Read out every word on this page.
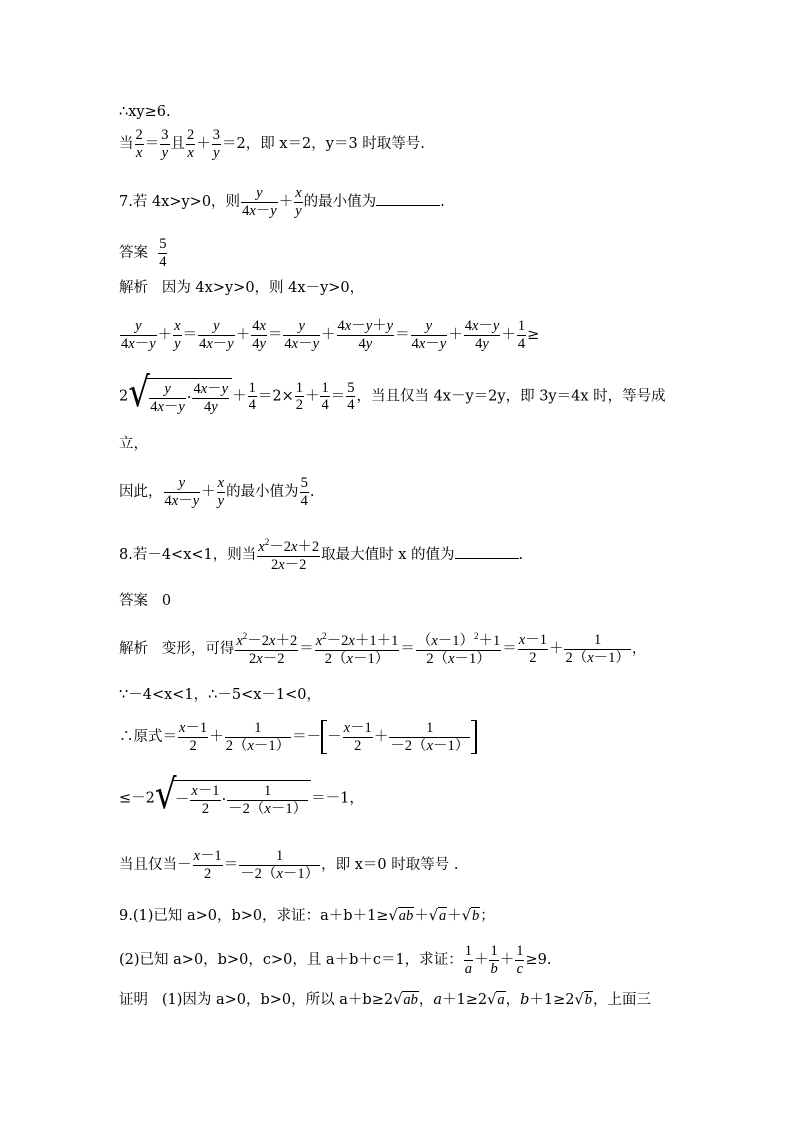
∴xy≥6.
当 $\frac{2}{x} = \frac{3}{y}$ 且 $\frac{2}{x} + \frac{3}{y} =2$，即 x＝2，y＝3 时取等号.
7.若 4x>y>0，则 $\frac{y}{4x-y} + \frac{x}{y}$ 的最小值为	.
答案 $\frac{5}{4}$
解析 因为 4x>y>0，则 4x－y>0，
$\frac{y}{4x-y} + \frac{x}{y} = \frac{y}{4x-y} + \frac{4x}{4y} = \frac{y}{4x-y} + \frac{4x-y+y}{4y} = \frac{y}{4x-y} + \frac{4x-y}{4y} + \frac{1}{4}$ ≥
2 √ $\frac{y}{4x-y} \cdot \frac{4x-y}{4y} + \frac{1}{4} =2\times \frac{1}{2} + \frac{1}{4} = \frac{5}{4}$ ，当且仅当 4x－y＝2y，即 3y＝4x 时，等号成
立，
因此， $\frac{y}{4x-y} + \frac{x}{y}$ 的最小值为 $\frac{5}{4}$ .
8.若－4<x<1，则当 $\frac{x^2-2x+2}{2x-2}$ 取最大值时 x 的值为	.
答案 0
解析 变形，可得 $\frac{x^2-2x+2}{2x-2} = \frac{x^2-2x+1+1}{2(x-1)} = \frac{(x-1)^2+1}{2(x-1)} = \frac{x-1}{2} + \frac{1}{2(x-1)}$ ，
∵－4<x<1，∴－5<x－1<0，
∴原式＝ $\frac{x-1}{2} + \frac{1}{2(x-1)}$ ＝－ － $\frac{x-1}{2} + \frac{1}{-2(x-1)}$
≤－2 √
－ $\frac{x-1}{2} \cdot \frac{1}{-2(x-1)} =-1$，
当且仅当－ $\frac{x-1}{2} = \frac{1}{-2(x-1)}$ ，即 x＝0 时取等号 .
9.(1)已知 a>0，b>0，求证：a＋b＋1≥√ab＋√a＋√b；
(2)已知 a>0，b>0，c>0，且 a＋b＋c＝1，求证： $\frac{1}{a} + \frac{1}{b} + \frac{1}{c} \ge 9$.
证明 (1)因为 a>0，b>0，所以 a＋b≥2√ab，a＋1≥2√a，b＋1≥2√b，上面三
